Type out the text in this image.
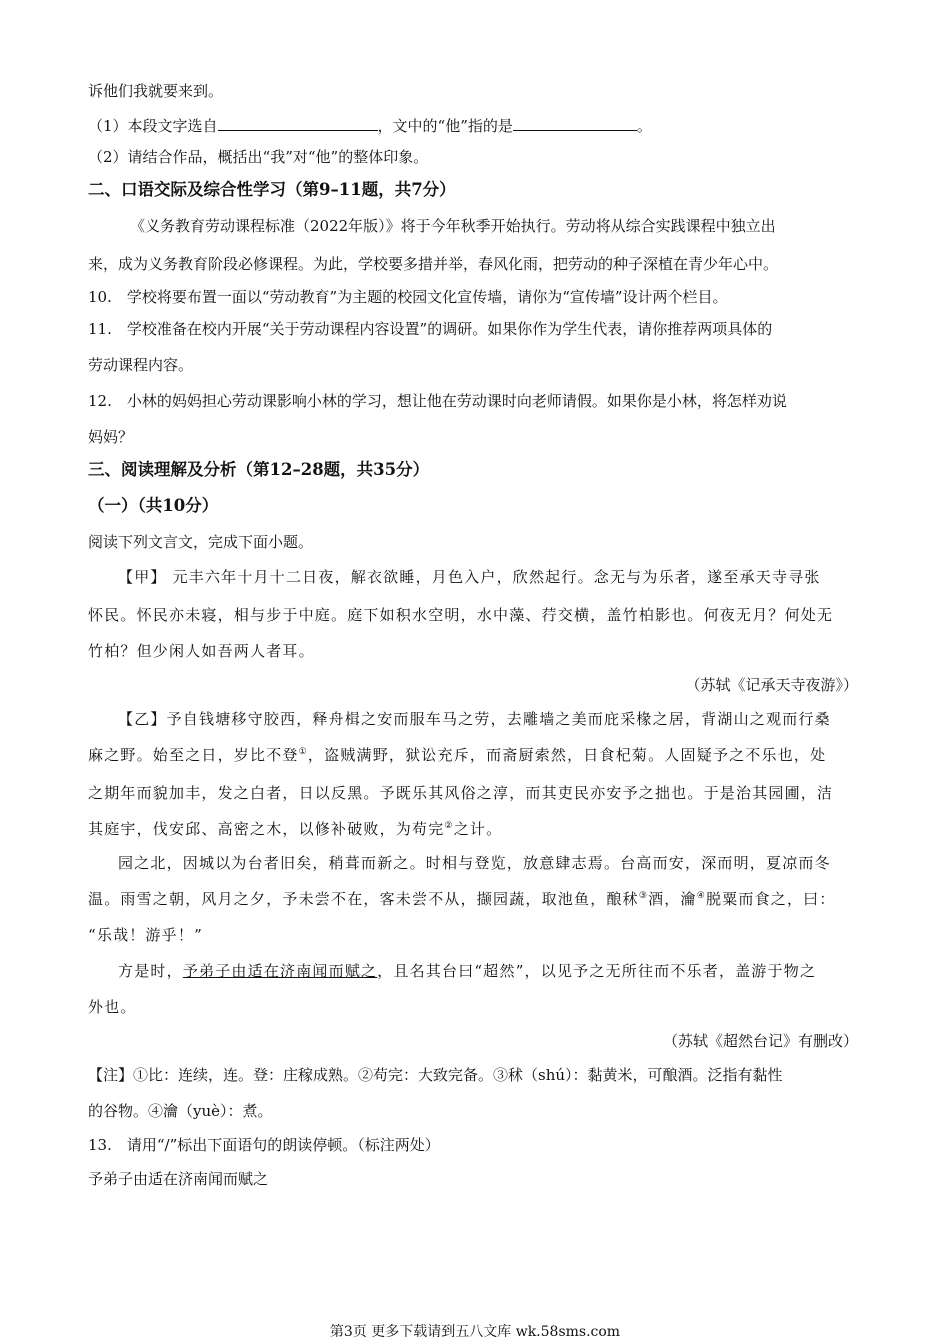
诉他们我就要来到。
（1）本段文字选自	，文中的“他”指的是	。
（2）请结合作品，概括出“我”对“他”的整体印象。
二、口语交际及综合性学习（第9–11题，共7分）
《义务教育劳动课程标准（2022年版）》将于今年秋季开始执行。劳动将从综合实践课程中独立出
来，成为义务教育阶段必修课程。为此，学校要多措并举，春风化雨，把劳动的种子深植在青少年心中。
10.　学校将要布置一面以“劳动教育”为主题的校园文化宣传墙，请你为“宣传墙”设计两个栏目。
11.　学校准备在校内开展“关于劳动课程内容设置”的调研。如果你作为学生代表，请你推荐两项具体的
劳动课程内容。
12.　小林的妈妈担心劳动课影响小林的学习，想让他在劳动课时向老师请假。如果你是小林，将怎样劝说
妈妈？
三、阅读理解及分析（第12–28题，共35分）
（一）（共10分）
阅读下列文言文，完成下面小题。
【甲】 元丰六年十月十二日夜，解衣欲睡，月色入户，欣然起行。念无与为乐者，遂至承天寺寻张
怀民。怀民亦未寝，相与步于中庭。庭下如积水空明，水中藻、荇交横，盖竹柏影也。何夜无月？何处无
竹柏？但少闲人如吾两人者耳。
（苏轼《记承天寺夜游》）
【乙】予自钱塘移守胶西，释舟楫之安而服车马之劳，去雕墙之美而庇采椽之居，背湖山之观而行桑
麻之野。始至之日，岁比不登①，盗贼满野，狱讼充斥，而斋厨索然，日食杞菊。人固疑予之不乐也，处
之期年而貌加丰，发之白者，日以反黑。予既乐其风俗之淳，而其吏民亦安予之拙也。于是治其园圃，洁
其庭宇，伐安邱、高密之木，以修补破败，为苟完②之计。
园之北，因城以为台者旧矣，稍葺而新之。时相与登览，放意肆志焉。台高而安，深而明，夏凉而冬
温。雨雪之朝，风月之夕，予未尝不在，客未尝不从，撷园蔬，取池鱼，酿秫③酒，瀹④脱粟而食之，曰：
“乐哉！游乎！”
方是时，予弟子由适在济南闻而赋之，且名其台曰“超然”，以见予之无所往而不乐者，盖游于物之
外也。
（苏轼《超然台记》有删改）
【注】①比：连续，连。登：庄稼成熟。②苟完：大致完备。③秫（shú）：黏黄米，可酿酒。泛指有黏性
的谷物。④瀹（yuè）：煮。
13.　请用“/”标出下面语句的朗读停顿。（标注两处）
予弟子由适在济南闻而赋之
第3页 更多下载请到五八文库 wk.58sms.com
